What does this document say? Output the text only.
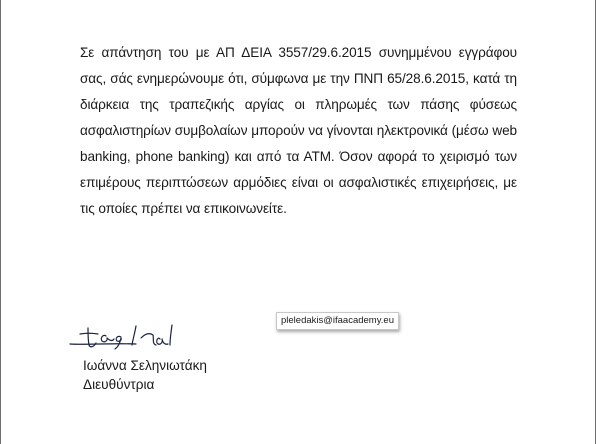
Σε απάντηση του με ΑΠ ΔΕΙΑ 3557/29.6.2015 συνημμένου εγγράφου σας, σάς ενημερώνουμε ότι, σύμφωνα με την ΠΝΠ 65/28.6.2015, κατά τη διάρκεια της τραπεζικής αργίας οι πληρωμές των πάσης φύσεως ασφαλιστηρίων συμβολαίων μπορούν να γίνονται ηλεκτρονικά (μέσω web banking, phone banking) και από τα ΑΤΜ. Όσον αφορά το χειρισμό των επιμέρους περιπτώσεων αρμόδιες είναι οι ασφαλιστικές επιχειρήσεις, με τις οποίες πρέπει να επικοινωνείτε.

pleledakis@ifaacademy.eu
Ιωάννα Σεληνιωτάκη
Διευθύντρια
